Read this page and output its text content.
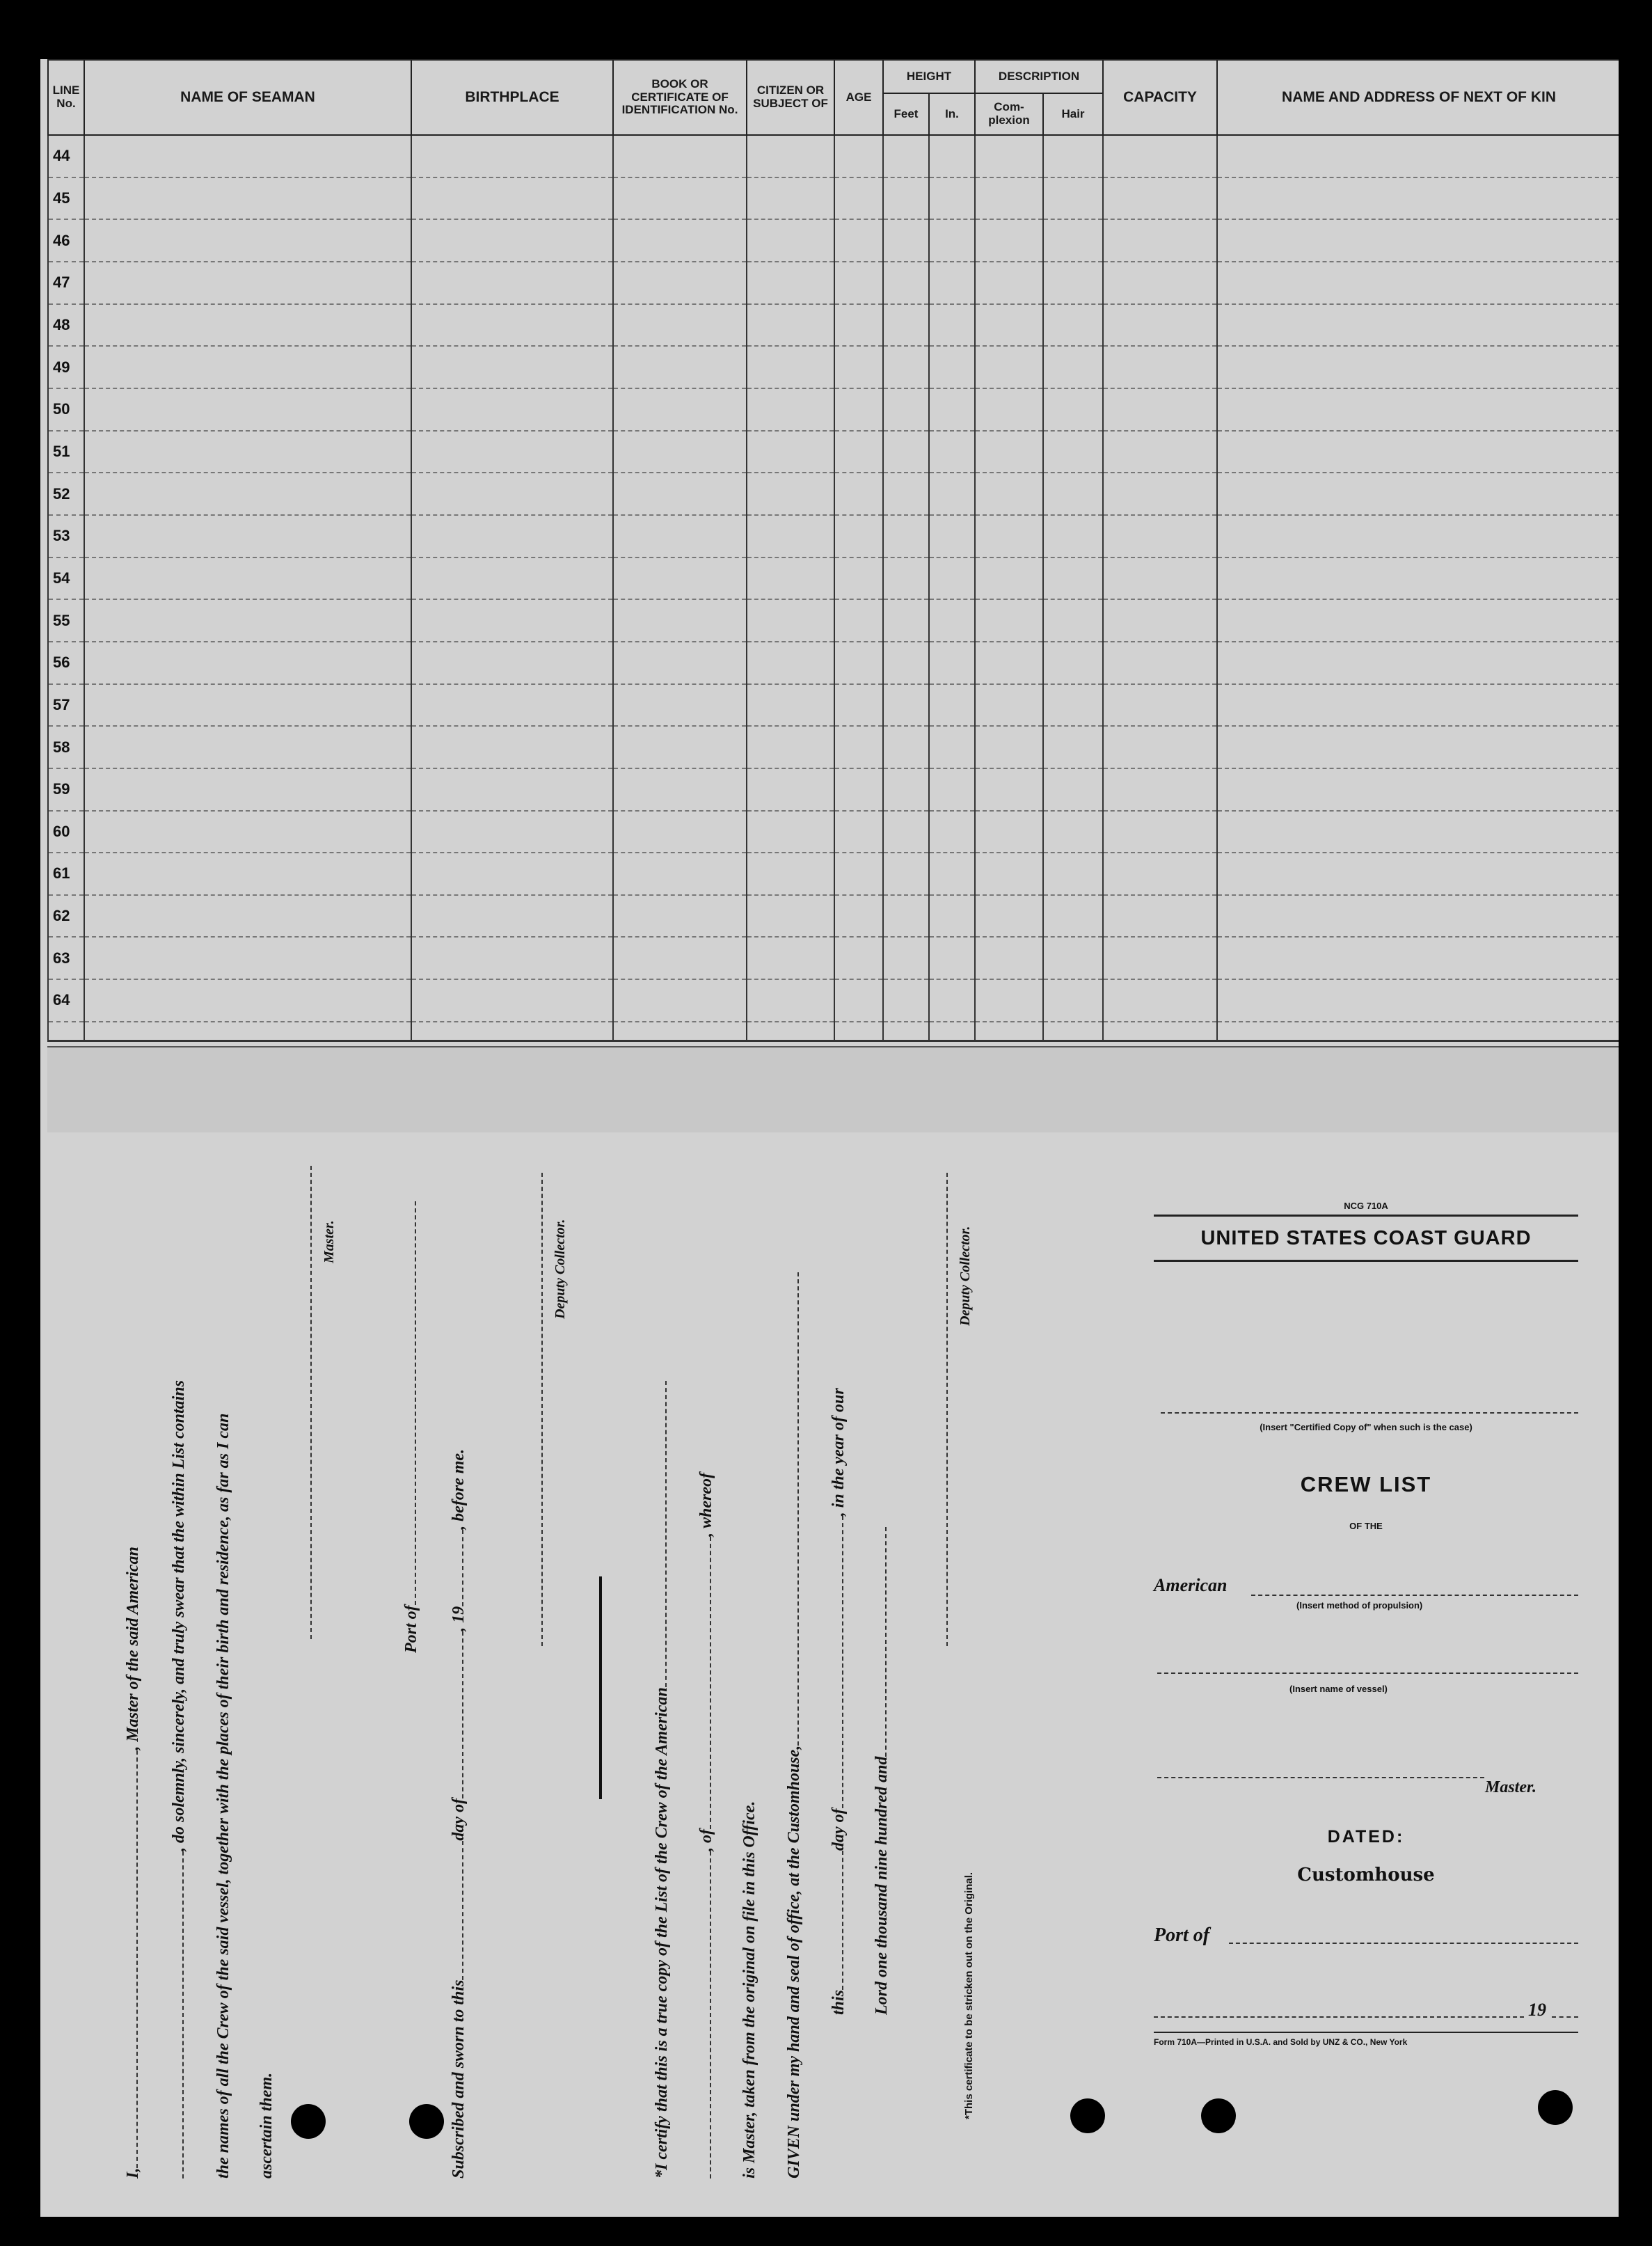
LINE No.	NAME OF SEAMAN	BIRTHPLACE	BOOK OR CERTIFICATE OF IDENTIFICATION No.	CITIZEN OR SUBJECT OF	AGE	HEIGHT		DESCRIPTION		CAPACITY	NAME AND ADDRESS OF NEXT OF KIN
						Feet	In.	Com- plexion	Hair		
44											
45											
46											
47											
48											
49											
50											
51											
52											
53											
54											
55											
56											
57											
58											
59											
60											
61											
62											
63											
64											

I,, Master of the said American , do solemnly, sincerely, and truly swear that the within List contains the names of all the Crew of the said vessel, together with the places of their birth and residence, as far as I can ascertain them.
Master.
Port of
Subscribed and sworn to thisday of, 19, before me.
Deputy Collector.
*I certify that this is a true copy of the List of the Crew of the American , of, whereof
is Master, taken from the original on file in this Office. GIVEN under my hand and seal of office, at the Customhouse, thisday of, in the year of our
Lord one thousand nine hundred and
Deputy Collector.
*This certificate to be stricken out on the Original.
NCG 710A
UNITED STATES COAST GUARD
(Insert "Certified Copy of" when such is the case)
CREW LIST
OF THE
American
(Insert method of propulsion)
(Insert name of vessel)
Master.
DATED:
Customhouse
Port of
19
Form 710A—Printed in U.S.A. and Sold by UNZ & CO., New York
